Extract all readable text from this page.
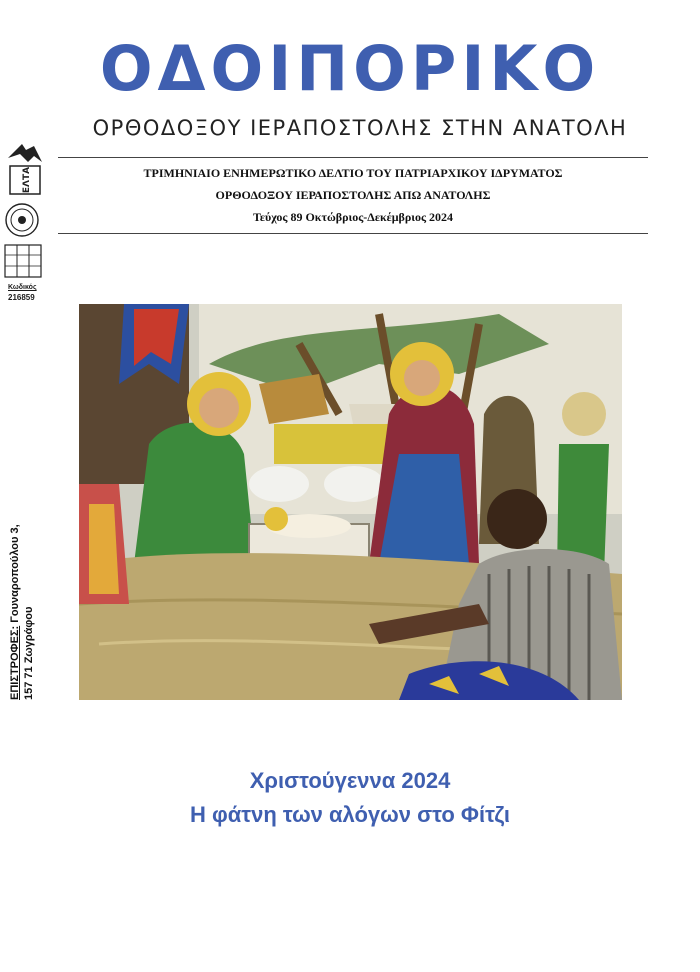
ΟΔΟΙΠΟΡΙΚΟ
ΟΡΘΟΔΟΞΟΥ ΙΕΡΑΠΟΣΤΟΛΗΣ ΣΤΗΝ ΑΝΑΤΟΛΗ
ΤΡΙΜΗΝΙΑΙΟ ΕΝΗΜΕΡΩΤΙΚΟ ΔΕΛΤΙΟ ΤΟΥ ΠΑΤΡΙΑΡΧΙΚΟΥ ΙΔΡΥΜΑΤΟΣ
ΟΡΘΟΔΟΞΟΥ ΙΕΡΑΠΟΣΤΟΛΗΣ ΑΠΩ ΑΝΑΤΟΛΗΣ
Τεύχος 89 Οκτώβριος-Δεκέμβριος 2024
ΕΛΤΑ
Κωδικός
216859
ΕΠΙΣΤΡΟΦΕΣ: Γουναροπούλου 3,
157 71 Ζωγράφου
Χριστούγεννα 2024
Η φάτνη των αλόγων στο Φίτζι
